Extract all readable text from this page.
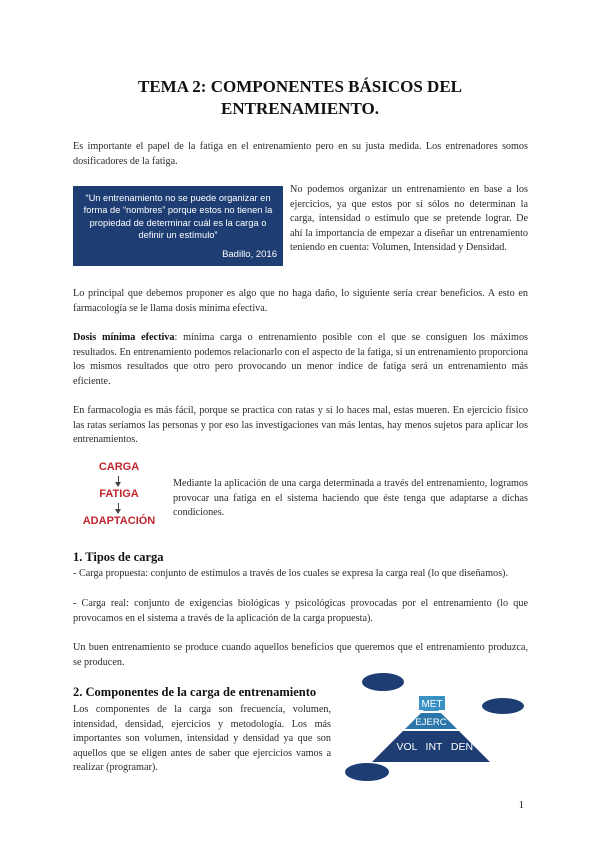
TEMA 2: COMPONENTES BÁSICOS DEL
ENTRENAMIENTO.
Es importante el papel de la fatiga en el entrenamiento pero en su justa medida. Los entrenadores somos dosificadores de la fatiga.
“Un entrenamiento no se puede organizar en forma de “nombres” porque estos no tienen la propiedad de determinar cuál es la carga o definir un estímulo”
Badillo, 2016
No podemos organizar un entrenamiento en base a los ejercicios, ya que estos por sí sólos no determinan la carga, intensidad o estímulo que se pretende lograr. De ahí la importancia de empezar a diseñar un entrenamiento teniendo en cuenta: Volumen, Intensidad y Densidad.
Lo principal que debemos proponer es algo que no haga daño, lo siguiente sería crear beneficios. A esto en farmacología se le llama dosis mínima efectiva.
Dosis mínima efectiva: mínima carga o entrenamiento posible con el que se consiguen los máximos resultados. En entrenamiento podemos relacionarlo con el aspecto de la fatiga, si un entrenamiento proporciona los mismos resultados que otro pero provocando un menor índice de fatiga será un entrenamiento más eficiente.
En farmacología es más fácil, porque se practica con ratas y si lo haces mal, estas mueren. En ejercicio físico las ratas seríamos las personas y por eso las investigaciones van más lentas, hay menos sujetos para aplicar los entrenamientos.
CARGA
FATIGA
ADAPTACIÓN
Mediante la aplicación de una carga determinada a través del entrenamiento, logramos provocar una fatiga en el sistema haciendo que éste tenga que adaptarse a dichas condiciones.
1. Tipos de carga
- Carga propuesta: conjunto de estímulos a través de los cuales se expresa la carga real (lo que diseñamos).
- Carga real: conjunto de exigencias biológicas y psicológicas provocadas por el entrenamiento (lo que provocamos en el sistema a través de la aplicación de la carga propuesta).
Un buen entrenamiento se produce cuando aquellos beneficios que queremos que el entrenamiento produzca, se producen.
2. Componentes de la carga de entrenamiento
Los componentes de la carga son frecuencia, volumen, intensidad, densidad, ejercicios y metodología. Los más importantes son volumen, intensidad y densidad ya que son aquellos que se eligen antes de saber que ejercicios vamos a realizar (programar).
MET
EJERC
VOL INT DEN
1
